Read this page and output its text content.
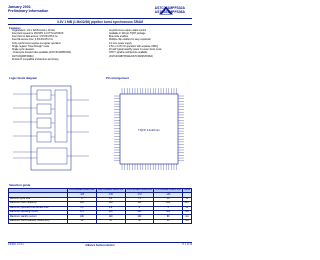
January 2001
Preliminary Information
AS7C331MPFS32A
AS7C331MPFS36A
3.3V 1 MB (1 Mx32/36) pipeline burst synchronous SRAM
Features
Organization: 1 M x 32/36 words x 36 bits
Fast clock speeds to 166 MHz in LVTTL/LVCMOS
Fast clock to data access: 3.5/3.8/4.0/5.0 ns
Fast OE access time: 3.5/3.8/4.0/5.0 ns
Fully synchronous register-to-register operation
Single register "Flow-through" mode
Single-cycle deselect
- Dual-cycle deselect also available (AS7C331MPFD32A/
AS7C331MPFD36A)
Pentium® compatible architecture and timing
Asynchronous output enable control
Available in 100-pin TQFP package
Byte write enables
Multiple chip enables for easy expansion
3.3 core power supply
2.5V or 3.3V I/O operation with separate VDDQ
30 mW typical standby power in power down mode
NTD™ pipeline architecture available
(AS7C331MNTD32A/AS7C331MNTD36A)
Logic block diagram	Pin arrangement
TQFP 14x20mm
Selection guide
	AS7C331MPFS32A-166	AS7C331MPFS32A-150	AS7C331MPFS32A-133	AS7C331MPFS32A-100	Units
	-166	-150	-133	-100	
Minimum cycle time	6	6.6	7.5	10	ns
Maximum clock frequency	166	150	133	100	MHz
Maximum pipelined clock access time	3.5	3.8	4	5	ns
Maximum operating current	475	450	425	325	mA
Maximum standby current	130	110	100	90	mA
Maximum CMOS standby current (DC)	30	30	30	30	mA
1/24/01; v.0.9.1	Alliance Semiconductor	P. 1 of 19
